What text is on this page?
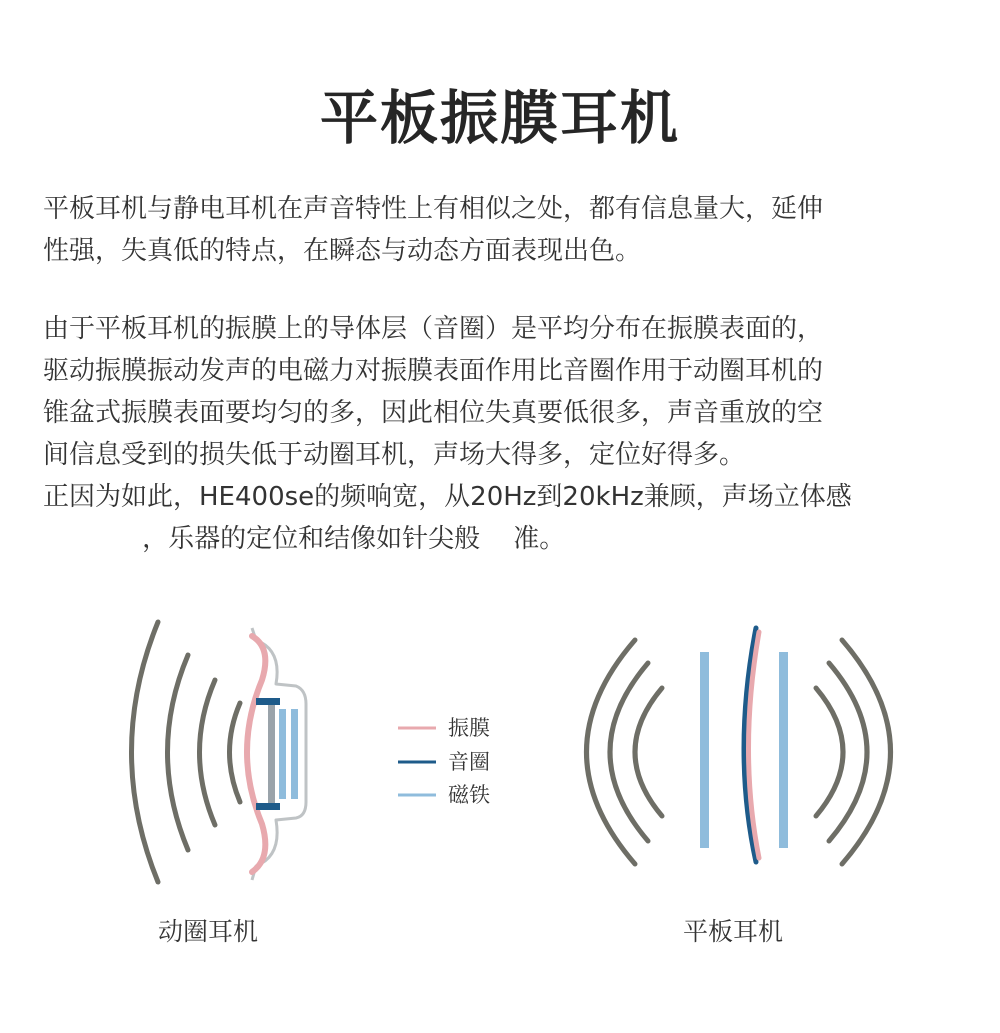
平板振膜耳机
平板耳机与静电耳机在声音特性上有相似之处，都有信息量大，延伸
性强，失真低的特点，在瞬态与动态方面表现出色。
由于平板耳机的振膜上的导体层（音圈）是平均分布在振膜表面的，
驱动振膜振动发声的电磁力对振膜表面作用比音圈作用于动圈耳机的
锥盆式振膜表面要均匀的多，因此相位失真要低很多，声音重放的空
间信息受到的损失低于动圈耳机，声场大得多，定位好得多。
正因为如此，HE400se的频响宽，从20Hz到20kHz兼顾，声场立体感
，乐器的定位和结像如针尖般    准。
振膜
音圈
磁铁
动圈耳机	平板耳机
